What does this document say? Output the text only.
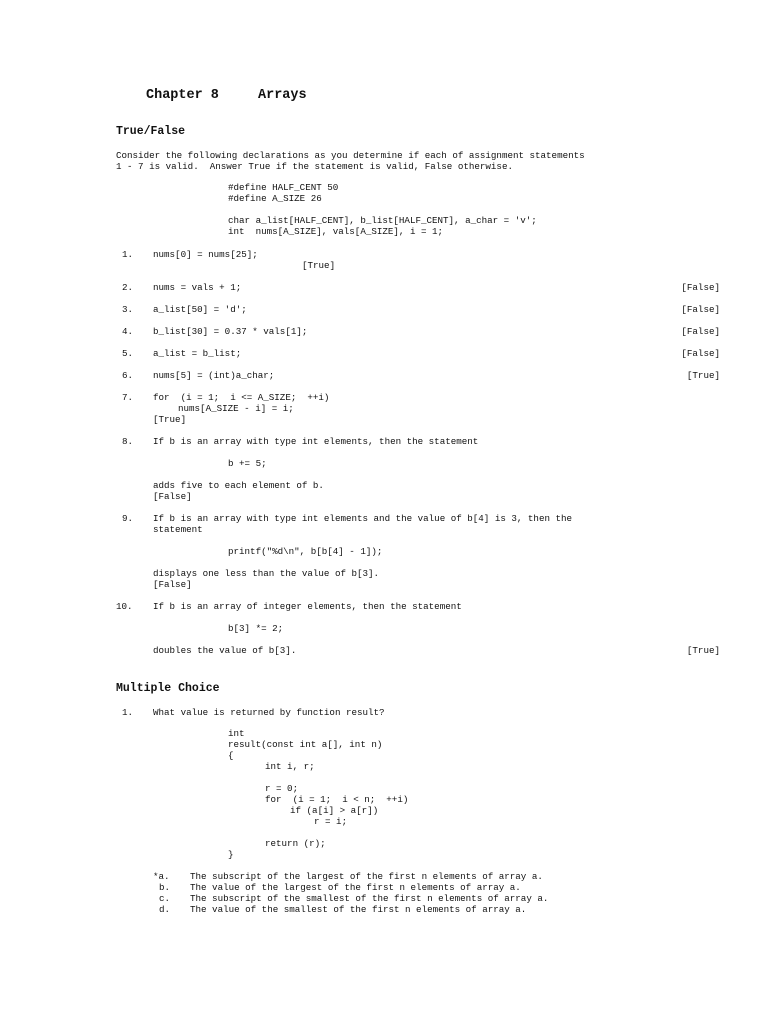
Chapter 8	Arrays
True/False
Consider the following declarations as you determine if each of assignment statements
1 - 7 is valid.  Answer True if the statement is valid, False otherwise.
#define HALF_CENT 50
#define A_SIZE 26
char a_list[HALF_CENT], b_list[HALF_CENT], a_char = 'v';
int  nums[A_SIZE], vals[A_SIZE], i = 1;
1. nums[0] = nums[25];
[True]
2. nums = vals + 1;	[False]
3. a_list[50] = 'd';	[False]
4. b_list[30] = 0.37 * vals[1];	[False]
5. a_list = b_list;	[False]
6. nums[5] = (int)a_char;	[True]
7. for  (i = 1;  i <= A_SIZE;  ++i)
nums[A_SIZE - i] = i;
[True]
8. If b is an array with type int elements, then the statement
b += 5;
adds five to each element of b.
[False]
9. If b is an array with type int elements and the value of b[4] is 3, then the
statement
printf("%d\n", b[b[4] - 1]);
displays one less than the value of b[3].
[False]
10. If b is an array of integer elements, then the statement
b[3] *= 2;
doubles the value of b[3].	[True]
Multiple Choice
1. What value is returned by function result?
int
result(const int a[], int n)
{
int i, r;
r = 0;
for  (i = 1;  i < n;  ++i)
if (a[i] > a[r])
r = i;
return (r);
}
*a. The subscript of the largest of the first n elements of array a.
b. The value of the largest of the first n elements of array a.
c. The subscript of the smallest of the first n elements of array a.
d. The value of the smallest of the first n elements of array a.
